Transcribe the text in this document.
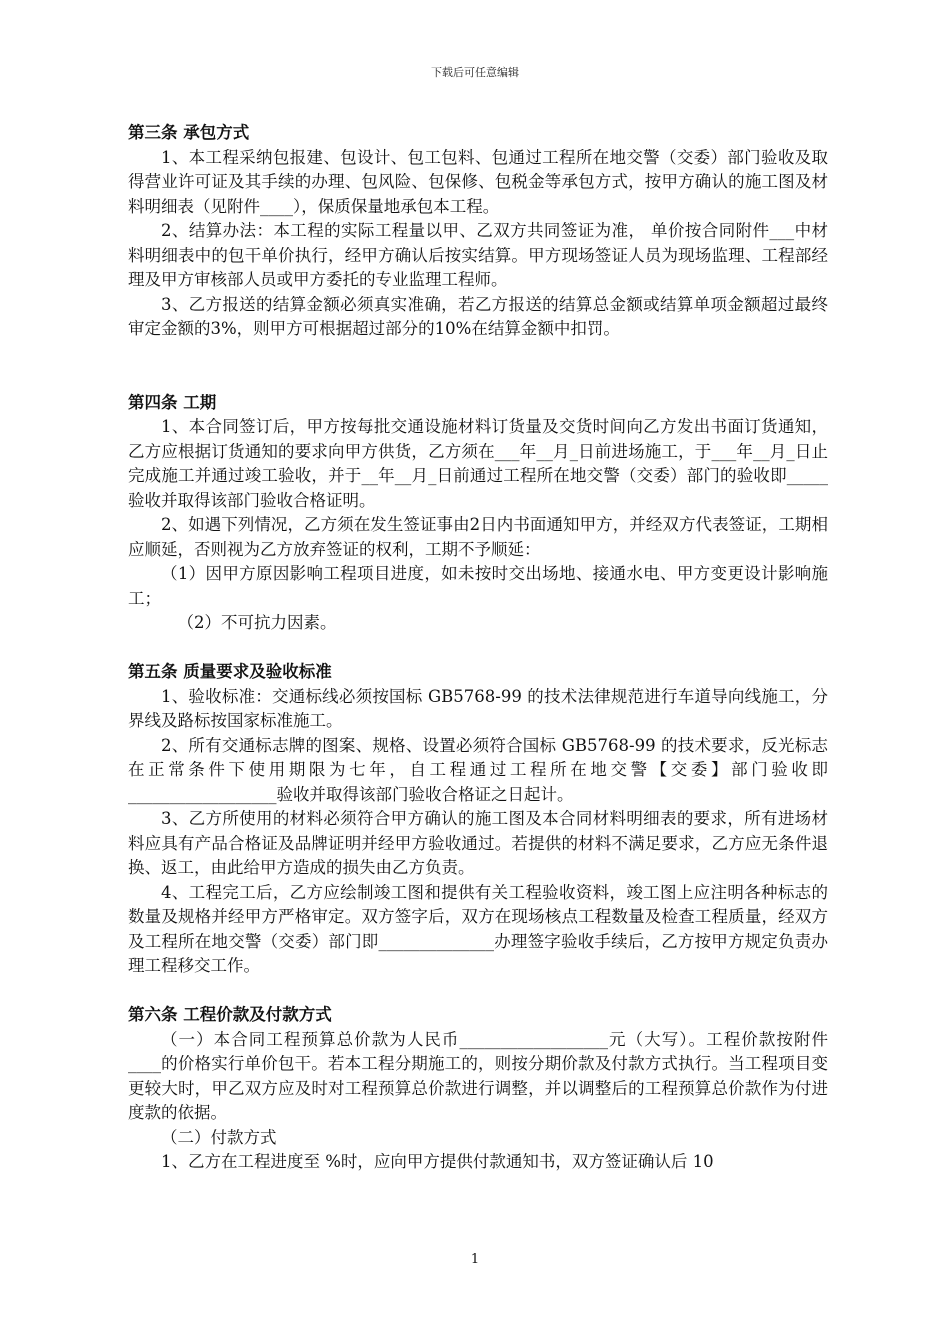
下载后可任意编辑

第三条 承包方式

1、本工程采纳包报建、包设计、包工包料、包通过工程所在地交警（交委）部门验收及取得营业许可证及其手续的办理、包风险、包保修、包税金等承包方式，按甲方确认的施工图及材料明细表（见附件____），保质保量地承包本工程。

2、结算办法：本工程的实际工程量以甲、乙双方共同签证为准， 单价按合同附件___中材料明细表中的包干单价执行，经甲方确认后按实结算。甲方现场签证人员为现场监理、工程部经理及甲方审核部人员或甲方委托的专业监理工程师。

3、乙方报送的结算金额必须真实准确，若乙方报送的结算总金额或结算单项金额超过最终审定金额的3%，则甲方可根据超过部分的10%在结算金额中扣罚。

第四条 工期

1、本合同签订后，甲方按每批交通设施材料订货量及交货时间向乙方发出书面订货通知，乙方应根据订货通知的要求向甲方供货，乙方须在___年__月_日前进场施工，于___年__月_日止完成施工并通过竣工验收，并于__年__月_日前通过工程所在地交警（交委）部门的验收即_____验收并取得该部门验收合格证明。

2、如遇下列情况，乙方须在发生签证事由2日内书面通知甲方，并经双方代表签证，工期相应顺延，否则视为乙方放弃签证的权利，工期不予顺延：

（1）因甲方原因影响工程项目进度，如未按时交出场地、接通水电、甲方变更设计影响施工；

（2）不可抗力因素。

第五条 质量要求及验收标准

1、验收标准：交通标线必须按国标 GB5768-99 的技术法律规范进行车道导向线施工，分界线及路标按国家标准施工。

2、所有交通标志牌的图案、规格、设置必须符合国标 GB5768-99 的技术要求，反光标志在正常条件下使用期限为七年，自工程通过工程所在地交警【交委】部门验收即__________________验收并取得该部门验收合格证之日起计。

3、乙方所使用的材料必须符合甲方确认的施工图及本合同材料明细表的要求，所有进场材料应具有产品合格证及品牌证明并经甲方验收通过。若提供的材料不满足要求，乙方应无条件退换、返工，由此给甲方造成的损失由乙方负责。

4、工程完工后，乙方应绘制竣工图和提供有关工程验收资料，竣工图上应注明各种标志的数量及规格并经甲方严格审定。双方签字后，双方在现场核点工程数量及检查工程质量，经双方及工程所在地交警（交委）部门即______________办理签字验收手续后，乙方按甲方规定负责办理工程移交工作。

第六条 工程价款及付款方式

（一）本合同工程预算总价款为人民币__________________元（大写）。工程价款按附件____的价格实行单价包干。若本工程分期施工的，则按分期价款及付款方式执行。当工程项目变更较大时，甲乙双方应及时对工程预算总价款进行调整，并以调整后的工程预算总价款作为付进度款的依据。

（二）付款方式

1、乙方在工程进度至 %时，应向甲方提供付款通知书，双方签证确认后 10

1
